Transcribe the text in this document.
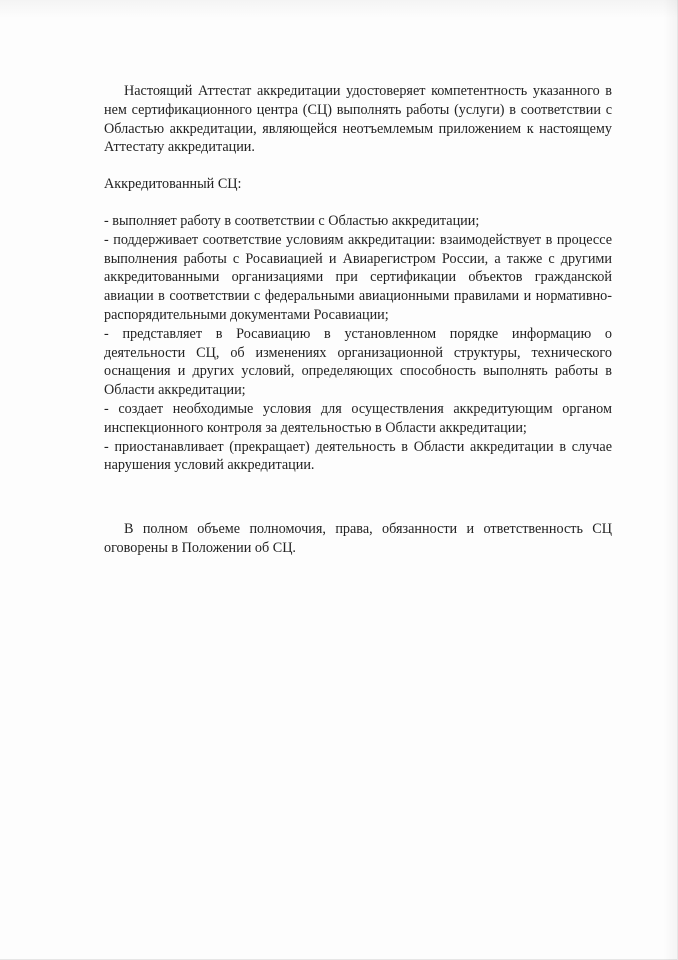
Настоящий Аттестат аккредитации удостоверяет компетентность указанного в нем сертификационного центра (СЦ) выполнять работы (услуги) в соответствии с Областью аккредитации, являющейся неотъемлемым приложением к настоящему Аттестату аккредитации.

Аккредитованный СЦ:

- выполняет работу в соответствии с Областью аккредитации;

- поддерживает соответствие условиям аккредитации: взаимодействует в процессе выполнения работы с Росавиацией и Авиарегистром России, а также с другими аккредитованными организациями при сертификации объектов гражданской авиации в соответствии с федеральными авиационными правилами и нормативно-распорядительными документами Росавиации;

- представляет в Росавиацию в установленном порядке информацию о деятельности СЦ, об изменениях организационной структуры, технического оснащения и других условий, определяющих способность выполнять работы в Области аккредитации;

- создает необходимые условия для осуществления аккредитующим органом инспекционного контроля за деятельностью в Области аккредитации;

- приостанавливает (прекращает) деятельность в Области аккредитации в случае нарушения условий аккредитации.

В полном объеме полномочия, права, обязанности и ответственность СЦ оговорены в Положении об СЦ.
